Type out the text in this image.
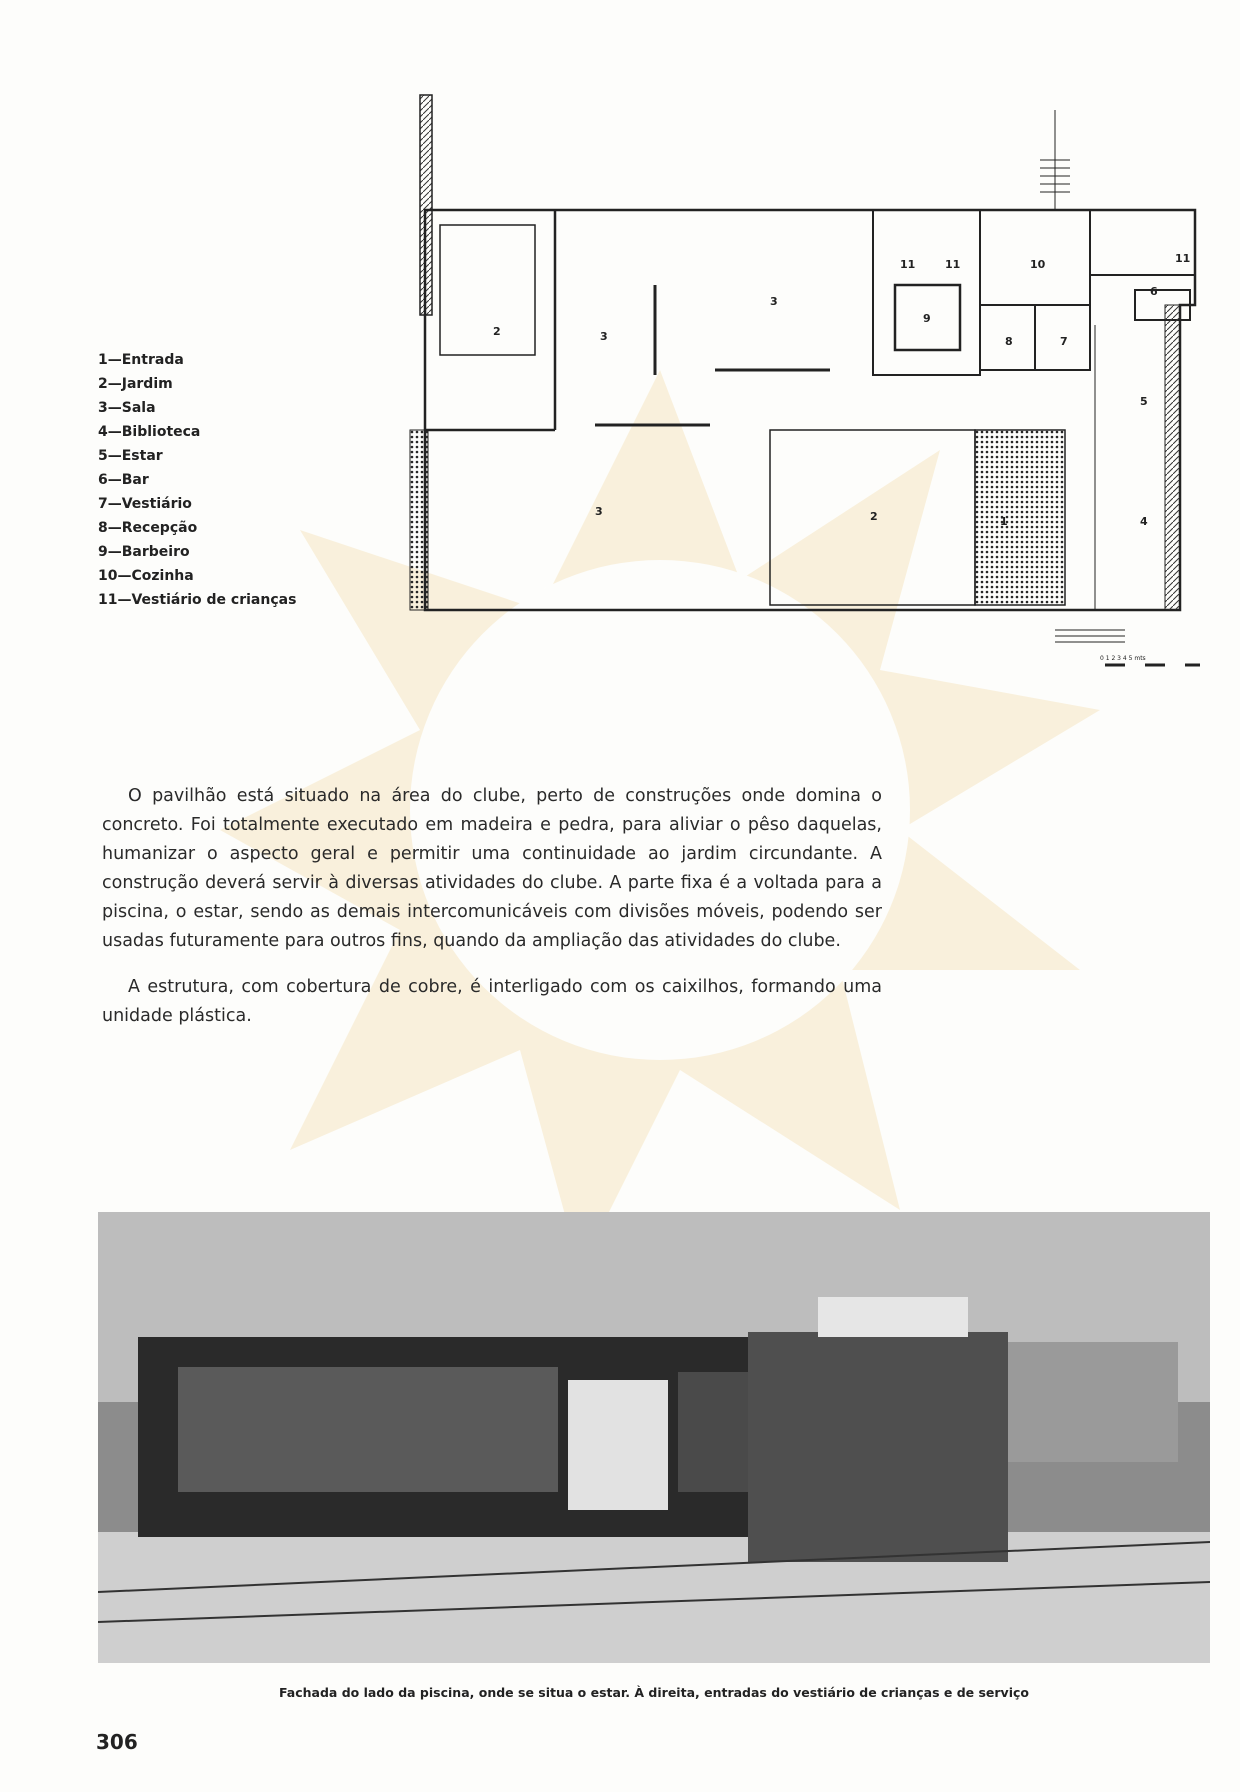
1—Entrada
2—Jardim
3—Sala
4—Biblioteca
5—Estar
6—Bar
7—Vestiário
8—Recepção
9—Barbeiro
10—Cozinha
11—Vestiário de crianças
1
2
2
3
3
3
4
5
6
7
8
9
10
11	11	11
0 1 2 3 4 5 mts

O pavilhão está situado na área do clube, perto de construções onde domina o concreto. Foi totalmente executado em madeira e pedra, para aliviar o pêso daquelas, humanizar o aspecto geral e permitir uma continuidade ao jardim circundante. A construção deverá servir à diversas atividades do clube. A parte fixa é a voltada para a piscina, o estar, sendo as demais intercomunicáveis com divisões móveis, podendo ser usadas futuramente para outros fins, quando da ampliação das atividades do clube.

A estrutura, com cobertura de cobre, é interligado com os caixilhos, formando uma unidade plástica.

Fachada do lado da piscina, onde se situa o estar. À direita, entradas do vestiário de crianças e de serviço

306
